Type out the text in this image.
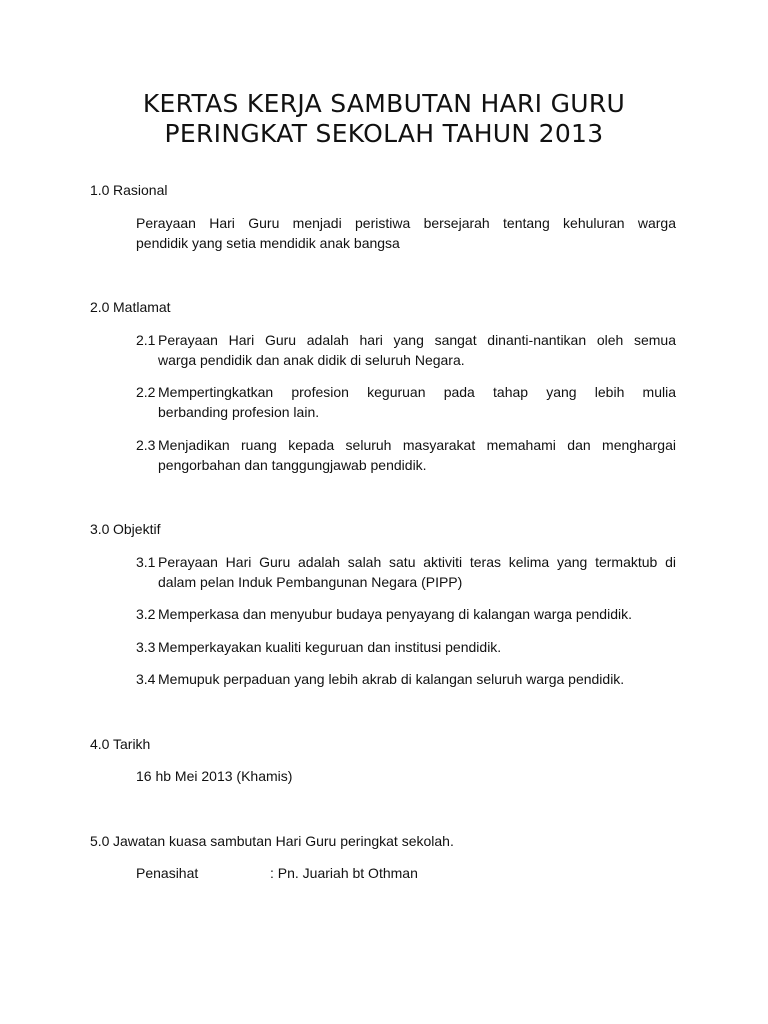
KERTAS KERJA SAMBUTAN HARI GURU
PERINGKAT SEKOLAH TAHUN 2013
1.0 Rasional
Perayaan Hari Guru menjadi peristiwa bersejarah tentang kehuluran warga
pendidik yang setia mendidik anak bangsa
2.0 Matlamat
2.1 Perayaan Hari Guru adalah hari yang sangat dinanti-nantikan oleh semua
warga pendidik dan anak didik di seluruh Negara.
2.2 Mempertingkatkan profesion keguruan pada tahap yang lebih mulia
berbanding profesion lain.
2.3 Menjadikan ruang kepada seluruh masyarakat memahami dan menghargai
pengorbahan dan tanggungjawab pendidik.
3.0 Objektif
3.1 Perayaan Hari Guru adalah salah satu aktiviti teras kelima yang termaktub di
dalam pelan Induk Pembangunan Negara (PIPP)
3.2 Memperkasa dan menyubur budaya penyayang di kalangan warga pendidik.
3.3 Memperkayakan kualiti keguruan dan institusi pendidik.
3.4 Memupuk perpaduan yang lebih akrab di kalangan seluruh warga pendidik.
4.0 Tarikh
16 hb Mei 2013 (Khamis)
5.0 Jawatan kuasa sambutan Hari Guru peringkat sekolah.
Penasihat	: Pn. Juariah bt Othman
